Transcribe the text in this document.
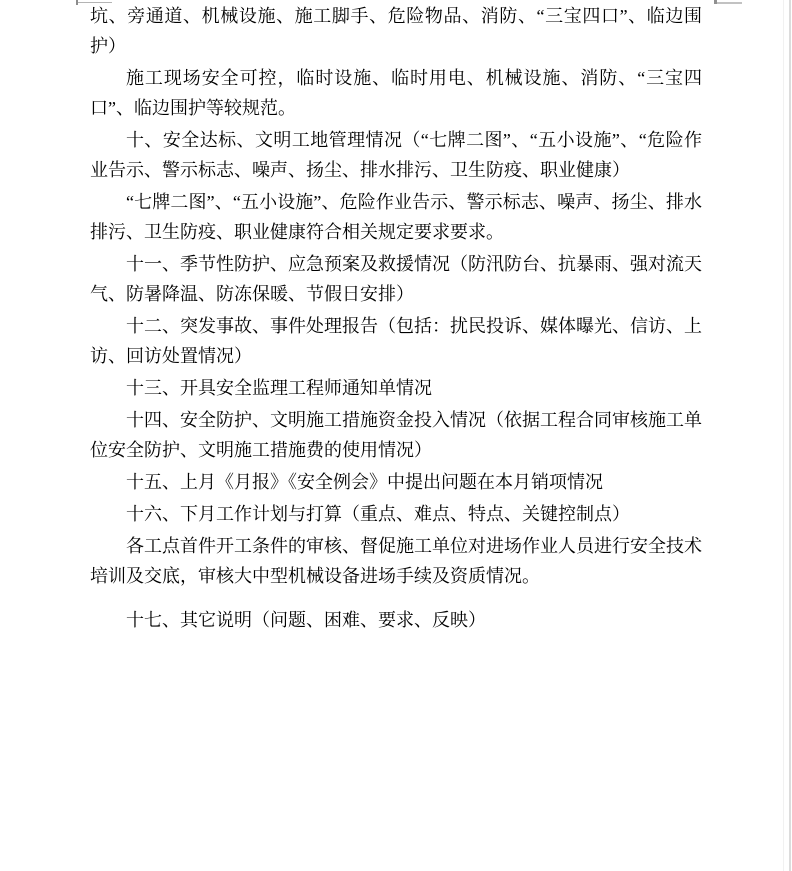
坑、旁通道、机械设施、施工脚手、危险物品、消防、“三宝四口”、临边围护）

施工现场安全可控，临时设施、临时用电、机械设施、消防、“三宝四口”、临边围护等较规范。

十、安全达标、文明工地管理情况（“七牌二图”、“五小设施”、“危险作业告示、警示标志、噪声、扬尘、排水排污、卫生防疫、职业健康）

“七牌二图”、“五小设施”、危险作业告示、警示标志、噪声、扬尘、排水排污、卫生防疫、职业健康符合相关规定要求要求。

十一、季节性防护、应急预案及救援情况（防汛防台、抗暴雨、强对流天气、防暑降温、防冻保暖、节假日安排）

十二、突发事故、事件处理报告（包括：扰民投诉、媒体曝光、信访、上访、回访处置情况）

十三、开具安全监理工程师通知单情况

十四、安全防护、文明施工措施资金投入情况（依据工程合同审核施工单位安全防护、文明施工措施费的使用情况）

十五、上月《月报》《安全例会》中提出问题在本月销项情况

十六、下月工作计划与打算（重点、难点、特点、关键控制点）

各工点首件开工条件的审核、督促施工单位对进场作业人员进行安全技术培训及交底，审核大中型机械设备进场手续及资质情况。

十七、其它说明（问题、困难、要求、反映）
